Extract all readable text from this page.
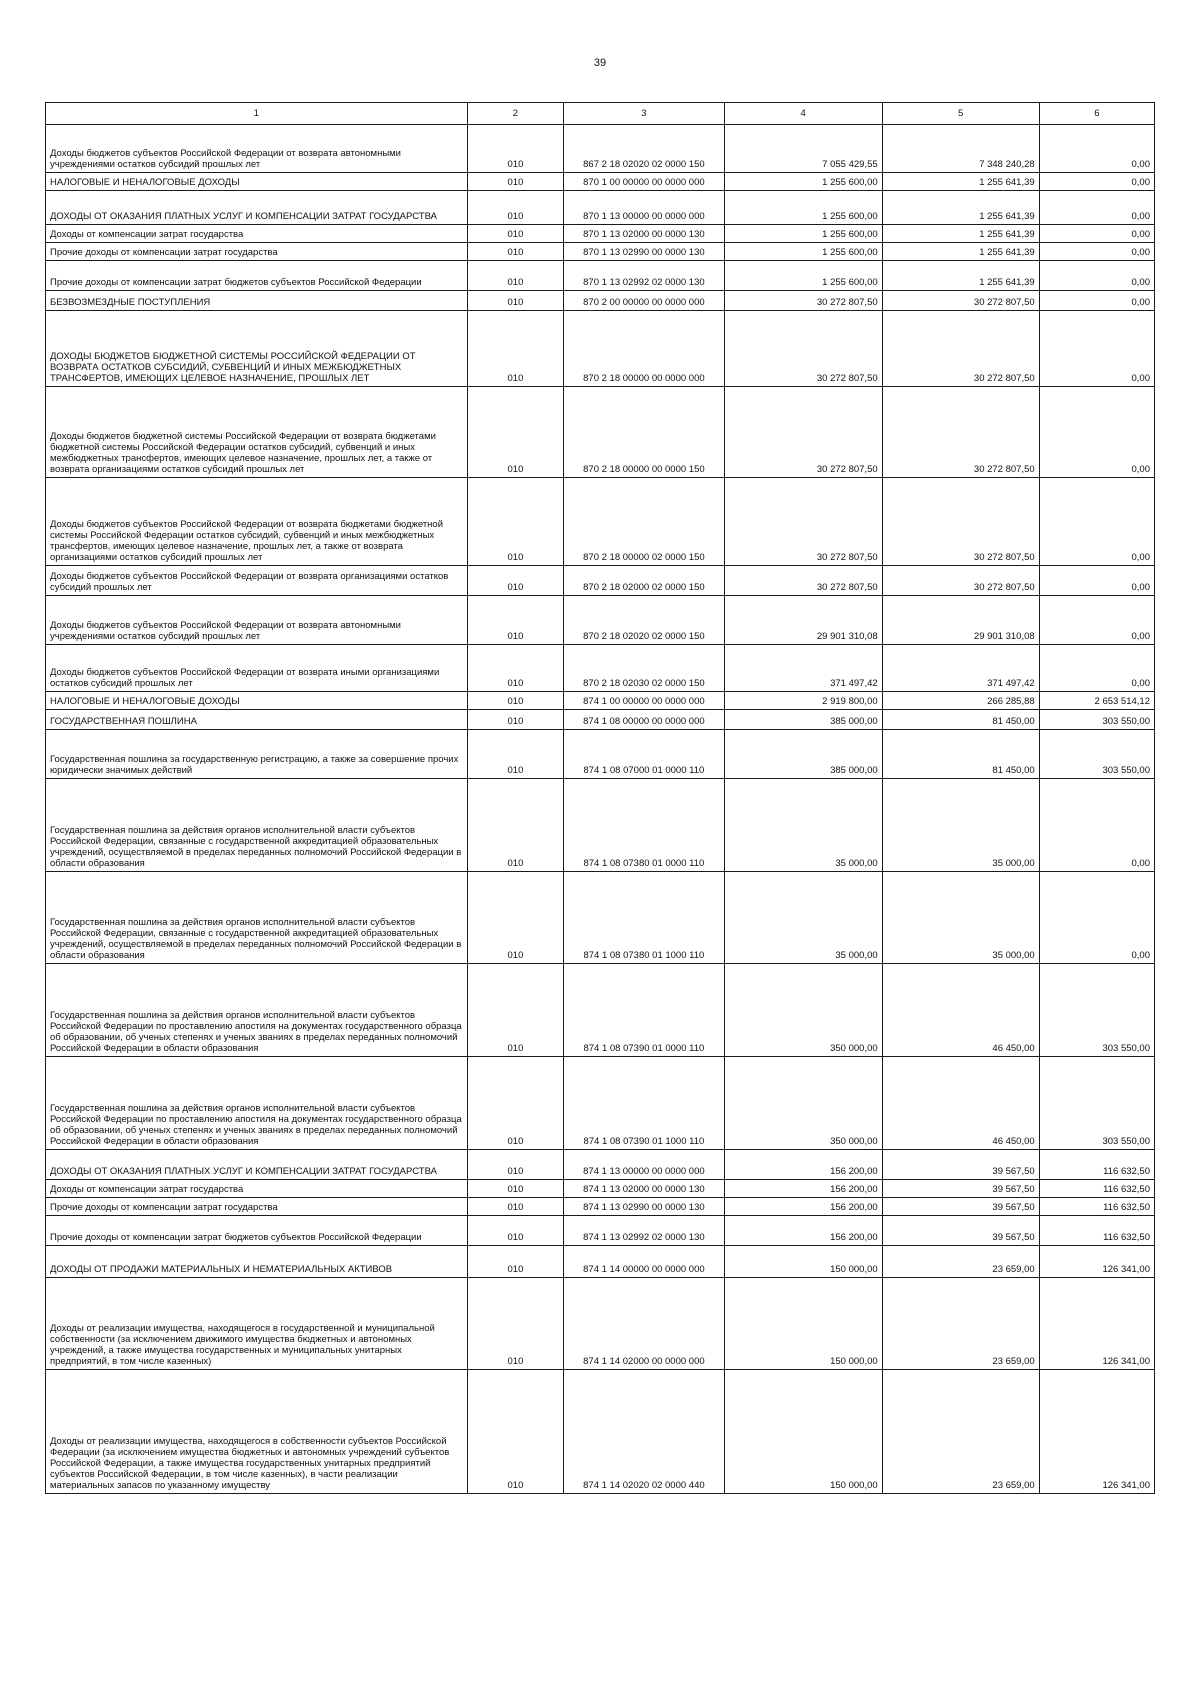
39
1	2	3	4	5	6
Доходы бюджетов субъектов Российской Федерации от возврата автономными учреждениями остатков субсидий прошлых лет	010	867 2 18 02020 02 0000 150	7 055 429,55	7 348 240,28	0,00
НАЛОГОВЫЕ И НЕНАЛОГОВЫЕ ДОХОДЫ	010	870 1 00 00000 00 0000 000	1 255 600,00	1 255 641,39	0,00
ДОХОДЫ ОТ ОКАЗАНИЯ ПЛАТНЫХ УСЛУГ И КОМПЕНСАЦИИ ЗАТРАТ ГОСУДАРСТВА	010	870 1 13 00000 00 0000 000	1 255 600,00	1 255 641,39	0,00
Доходы от компенсации затрат государства	010	870 1 13 02000 00 0000 130	1 255 600,00	1 255 641,39	0,00
Прочие доходы от компенсации затрат государства	010	870 1 13 02990 00 0000 130	1 255 600,00	1 255 641,39	0,00
Прочие доходы от компенсации затрат бюджетов субъектов Российской Федерации	010	870 1 13 02992 02 0000 130	1 255 600,00	1 255 641,39	0,00
БЕЗВОЗМЕЗДНЫЕ ПОСТУПЛЕНИЯ	010	870 2 00 00000 00 0000 000	30 272 807,50	30 272 807,50	0,00
ДОХОДЫ БЮДЖЕТОВ БЮДЖЕТНОЙ СИСТЕМЫ РОССИЙСКОЙ ФЕДЕРАЦИИ ОТ ВОЗВРАТА ОСТАТКОВ СУБСИДИЙ, СУБВЕНЦИЙ И ИНЫХ МЕЖБЮДЖЕТНЫХ ТРАНСФЕРТОВ, ИМЕЮЩИХ ЦЕЛЕВОЕ НАЗНАЧЕНИЕ, ПРОШЛЫХ ЛЕТ	010	870 2 18 00000 00 0000 000	30 272 807,50	30 272 807,50	0,00
Доходы бюджетов бюджетной системы Российской Федерации от возврата бюджетами бюджетной системы Российской Федерации остатков субсидий, субвенций и иных межбюджетных трансфертов, имеющих целевое назначение, прошлых лет, а также от возврата организациями остатков субсидий прошлых лет	010	870 2 18 00000 00 0000 150	30 272 807,50	30 272 807,50	0,00
Доходы бюджетов субъектов Российской Федерации от возврата бюджетами бюджетной системы Российской Федерации остатков субсидий, субвенций и иных межбюджетных трансфертов, имеющих целевое назначение, прошлых лет, а также от возврата организациями остатков субсидий прошлых лет	010	870 2 18 00000 02 0000 150	30 272 807,50	30 272 807,50	0,00
Доходы бюджетов субъектов Российской Федерации от возврата организациями остатков субсидий прошлых лет	010	870 2 18 02000 02 0000 150	30 272 807,50	30 272 807,50	0,00
Доходы бюджетов субъектов Российской Федерации от возврата автономными учреждениями остатков субсидий прошлых лет	010	870 2 18 02020 02 0000 150	29 901 310,08	29 901 310,08	0,00
Доходы бюджетов субъектов Российской Федерации от возврата иными организациями остатков субсидий прошлых лет	010	870 2 18 02030 02 0000 150	371 497,42	371 497,42	0,00
НАЛОГОВЫЕ И НЕНАЛОГОВЫЕ ДОХОДЫ	010	874 1 00 00000 00 0000 000	2 919 800,00	266 285,88	2 653 514,12
ГОСУДАРСТВЕННАЯ ПОШЛИНА	010	874 1 08 00000 00 0000 000	385 000,00	81 450,00	303 550,00
Государственная пошлина за государственную регистрацию, а также за совершение прочих юридически значимых действий	010	874 1 08 07000 01 0000 110	385 000,00	81 450,00	303 550,00
Государственная пошлина за действия органов исполнительной власти субъектов Российской Федерации, связанные с государственной аккредитацией образовательных учреждений, осуществляемой в пределах переданных полномочий Российской Федерации в области образования	010	874 1 08 07380 01 0000 110	35 000,00	35 000,00	0,00
Государственная пошлина за действия органов исполнительной власти субъектов Российской Федерации, связанные с государственной аккредитацией образовательных учреждений, осуществляемой в пределах переданных полномочий Российской Федерации в области образования	010	874 1 08 07380 01 1000 110	35 000,00	35 000,00	0,00
Государственная пошлина за действия органов исполнительной власти субъектов Российской Федерации по проставлению апостиля на документах государственного образца об образовании, об ученых степенях и ученых званиях в пределах переданных полномочий Российской Федерации в области образования	010	874 1 08 07390 01 0000 110	350 000,00	46 450,00	303 550,00
Государственная пошлина за действия органов исполнительной власти субъектов Российской Федерации по проставлению апостиля на документах государственного образца об образовании, об ученых степенях и ученых званиях в пределах переданных полномочий Российской Федерации в области образования	010	874 1 08 07390 01 1000 110	350 000,00	46 450,00	303 550,00
ДОХОДЫ ОТ ОКАЗАНИЯ ПЛАТНЫХ УСЛУГ И КОМПЕНСАЦИИ ЗАТРАТ ГОСУДАРСТВА	010	874 1 13 00000 00 0000 000	156 200,00	39 567,50	116 632,50
Доходы от компенсации затрат государства	010	874 1 13 02000 00 0000 130	156 200,00	39 567,50	116 632,50
Прочие доходы от компенсации затрат государства	010	874 1 13 02990 00 0000 130	156 200,00	39 567,50	116 632,50
Прочие доходы от компенсации затрат бюджетов субъектов Российской Федерации	010	874 1 13 02992 02 0000 130	156 200,00	39 567,50	116 632,50
ДОХОДЫ ОТ ПРОДАЖИ МАТЕРИАЛЬНЫХ И НЕМАТЕРИАЛЬНЫХ АКТИВОВ	010	874 1 14 00000 00 0000 000	150 000,00	23 659,00	126 341,00
Доходы от реализации имущества, находящегося в государственной и муниципальной собственности (за исключением движимого имущества бюджетных и автономных учреждений, а также имущества государственных и муниципальных унитарных предприятий, в том числе казенных)	010	874 1 14 02000 00 0000 000	150 000,00	23 659,00	126 341,00
Доходы от реализации имущества, находящегося в собственности субъектов Российской Федерации (за исключением имущества бюджетных и автономных учреждений субъектов Российской Федерации, а также имущества государственных унитарных предприятий субъектов Российской Федерации, в том числе казенных), в части реализации материальных запасов по указанному имуществу	010	874 1 14 02020 02 0000 440	150 000,00	23 659,00	126 341,00
